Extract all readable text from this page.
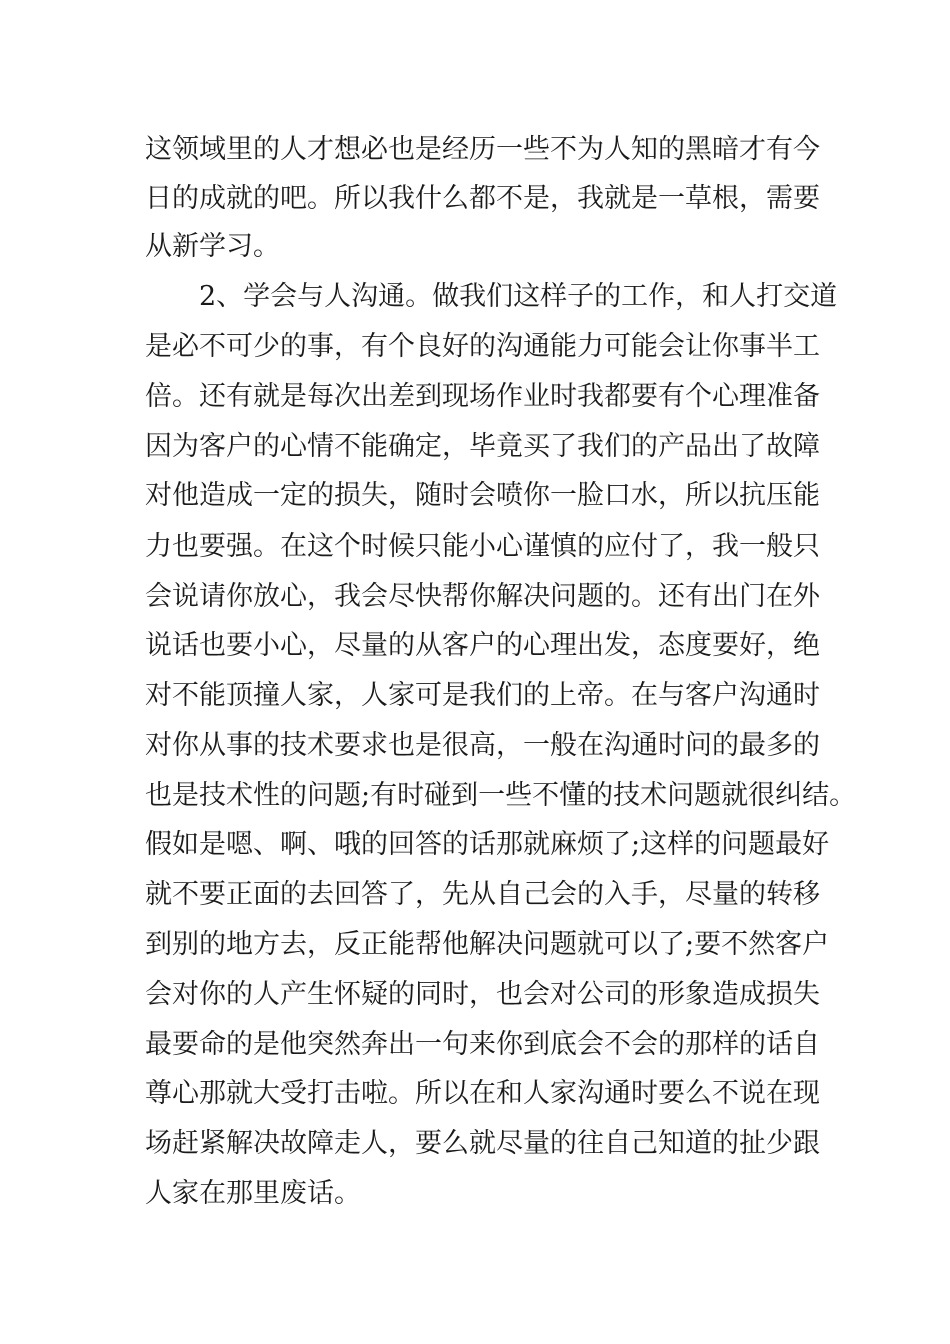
这领域里的人才想必也是经历一些不为人知的黑暗才有今
日的成就的吧。所以我什么都不是，我就是一草根，需要
从新学习。
　　2、学会与人沟通。做我们这样子的工作，和人打交道
是必不可少的事，有个良好的沟通能力可能会让你事半工
倍。还有就是每次出差到现场作业时我都要有个心理准备
因为客户的心情不能确定，毕竟买了我们的产品出了故障
对他造成一定的损失，随时会喷你一脸口水，所以抗压能
力也要强。在这个时候只能小心谨慎的应付了，我一般只
会说请你放心，我会尽快帮你解决问题的。还有出门在外
说话也要小心，尽量的从客户的心理出发，态度要好，绝
对不能顶撞人家，人家可是我们的上帝。在与客户沟通时
对你从事的技术要求也是很高，一般在沟通时问的最多的
也是技术性的问题;有时碰到一些不懂的技术问题就很纠结。
假如是嗯、啊、哦的回答的话那就麻烦了;这样的问题最好
就不要正面的去回答了，先从自己会的入手，尽量的转移
到别的地方去，反正能帮他解决问题就可以了;要不然客户
会对你的人产生怀疑的同时，也会对公司的形象造成损失
最要命的是他突然奔出一句来你到底会不会的那样的话自
尊心那就大受打击啦。所以在和人家沟通时要么不说在现
场赶紧解决故障走人，要么就尽量的往自己知道的扯少跟
人家在那里废话。
